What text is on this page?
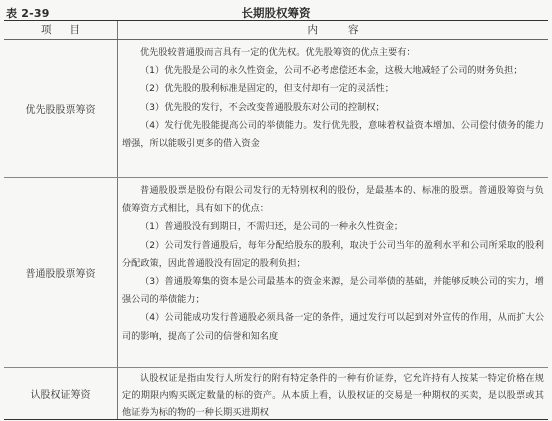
表 2-39	长期股权筹资
项目	内容
优先股股票筹资

优先股较普通股而言具有一定的优先权。优先股筹资的优点主要有：

（1）优先股是公司的永久性资金，公司不必考虑偿还本金，这极大地减轻了公司的财务负担；

（2）优先股的股利标准是固定的，但支付却有一定的灵活性；

（3）优先股的发行，不会改变普通股股东对公司的控制权；

（4）发行优先股能提高公司的举债能力。发行优先股，意味着权益资本增加、公司偿付债务的能力增强，所以能吸引更多的借入资金

普通股股票筹资

普通股股票是股份有限公司发行的无特别权利的股份，是最基本的、标准的股票。普通股筹资与负债筹资方式相比，具有如下的优点：

（1）普通股没有到期日，不需归还，是公司的一种永久性资金；

（2）公司发行普通股后，每年分配给股东的股利，取决于公司当年的盈利水平和公司所采取的股利分配政策，因此普通股没有固定的股利负担；

（3）普通股筹集的资本是公司最基本的资金来源，是公司举债的基础，并能够反映公司的实力，增强公司的举债能力；

（4）公司能成功发行普通股必须具备一定的条件，通过发行可以起到对外宣传的作用，从而扩大公司的影响，提高了公司的信誉和知名度

认股权证筹资

认股权证是指由发行人所发行的附有特定条件的一种有价证券，它允许持有人按某一特定价格在规定的期限内购买既定数量的标的资产。从本质上看，认股权证的交易是一种期权的买卖，是以股票或其他证券为标的物的一种长期买进期权
